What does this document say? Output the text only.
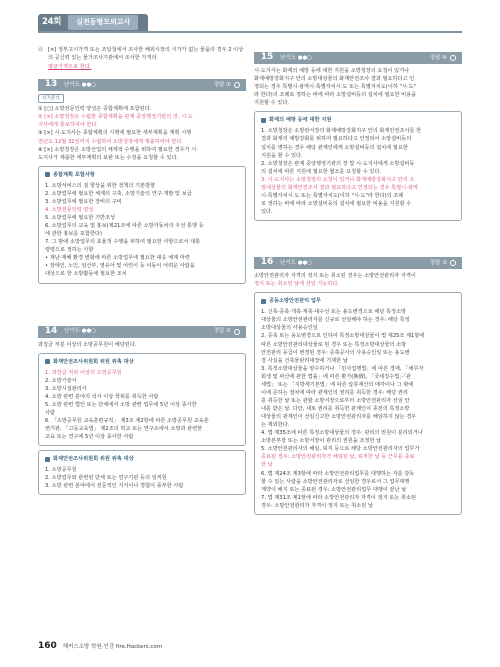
24회	실전동형모의고사
ⓓ [×] 정부고시가격 또는 조달청에서 조사한 해외시장의 시가가 없는 물품의 경우 2 이상의 공신력 있는 물가조사기관에서 조사한 가격의
평균가격으로 한다.
13	난이도 ●●○	정답 ①
선지분석
① [○] 소방전문인력 양성은 종합계획에 포함된다.
② [×] 소방청장은 수립한 종합계획을 관계 중앙행정기관의 장, 시·도
지사에게 통보하여야 한다.
③ [×] 시·도지사는 종합계획의 시행에 필요한 세부계획을 계획 시행
전년도 12월 31일까지 수립하여 소방청장에게 제출하여야 한다.
④ [×] 소방청장은 소방산업의 체계적 수행을 위하여 필요한 경우가 시·
도지사가 제출한 세부계획의 보완 또는 수정을 요청할 수 있다.
종합계획 포함사항
1. 소방서비스의 질 향상을 위한 정책의 기본방향
2. 소방업무에 필요한 체계의 구축, 소방기술의 연구·개발 및 보급
3. 소방업무에 필요한 장비의 구비
4. 소방전문인력 양성
5. 소방업무에 필요한 기반조성
6. 소방업무의 교육 및 홍보(제21조에 따른 소방자동차의 우선 통행 등
에 관한 홍보를 포함한다)
7. 그 밖에 소방업무의 효율적 수행을 위하여 필요한 사항으로서 대통
령령으로 정하는 사항
• 재난·재해 환경 변화에 따른 소방업무에 필요한 대응 체계 마련
• 장애인, 노인, 임산부, 영유아 및 어린이 등 이동이 어려운 사람을
대상으로 한 소방활동에 필요한 조치
14	난이도 ●●○	정답 ①
과징금 처분 이상의 소방공무원이 해당된다.
화재안전조사위원회 위원 위촉 대상
1. 과장급 직위 이상의 소방공무원
2. 소방기술사
3. 소방시설관리사
4. 소방 관련 분야의 석사 이상 학위를 취득한 사람
5. 소방 관련 법인 또는 단체에서 소방 관련 업무에 5년 이상 종사한
사람
6. 「소방공무원 교육훈련규칙」 제3조 제2항에 따른 소방공무원 교육훈
련기관, 「고등교육법」 제2조의 학교 또는 연구소에서 소방과 관련한
교육 또는 연구에 5년 이상 종사한 사람
화재안전조사위원회 위원 위촉 대상
1. 소방공무원
2. 소방업무와 관련된 단체 또는 연구기관 등의 임직원
3. 소방 관련 분야에서 전문적인 지식이나 경험이 풍부한 사람
15	난이도 ●●○	정답 ④
시·도지사는 화재의 예방 등에 대한 지원을 소방청장의 요청이 있거나
화재예방강화지구 안의 소방대상물의 화재안전조사 결과 필요하다고 인
정되는 경우 특별시·광역시·특별자치시·도 또는 특별자치도(이하 "시·도"
라 한다)의 조례로 정하는 바에 따라 소방설비등의 설치에 필요한 비용을
지원할 수 있다.
화재의 예방 등에 대한 지원
1. 소방청장은 소방관서장의 화재예방강화지구 안의 화재안전조사를 한
결과 화재의 예방강화를 위하여 필요하다고 인정되어 소방설비등의
설치를 명하는 경우 해당 관계인에게 소방설비등의 설치에 필요한
지원을 할 수 있다.
2. 소방청장은 관계 중앙행정기관의 장 및 시·도지사에게 소방설비등
의 설치에 따른 지원에 필요한 협조를 요청할 수 있다.
3. 시·도지사는 소방청장의 요청이 있거나 화재예방강화지구 안의 소
방대상물의 화재안전조사 결과 필요하다고 인정되는 경우 특별시·광역
시·특별자치시·도 또는 특별자치도(이하 "시·도"라 한다)의 조례
로 정하는 바에 따라 소방설비등의 설치에 필요한 비용을 지원할 수
있다.
16	난이도 ●●○	정답 ③
소방안전관리자 자격의 정지 또는 취소된 경우는 소방안전관리자 자격이
정지 또는 취소된 날에 선임 가능하다.
공동소방안전관리 업무
1. 신축·증축·개축·재축·대수선 또는 용도변경으로 해당 특정소방
대상물의 소방안전관리자를 신규로 선임해야 하는 경우: 해당 특정
소방대상물의 사용승인일
2. 증축 또는 용도변경으로 인하여 특정소방대상물이 법 제25조 제1항에
따른 소방안전관리대상물로 된 경우 또는 특정소방대상물의 소방
안전관리 등급이 변경된 경우: 증축공사의 사용승인일 또는 용도변
경 사실을 건축물관리대장에 기재한 날
3. 특정소방대상물을 양수하거나 「민사집행법」에 따른 경매, 「채무자
회생 및 파산에 관한 법률」에 따른 환가(換價), 「국세징수법」·「관
세법」 또는 「지방세기본법」에 따른 압류재산의 매각이나 그 밖에
이에 준하는 절차에 따라 관계인의 권리를 취득한 경우: 해당 권리
를 취득한 날 또는 관할 소방서장으로부터 소방안전관리자 선임 안
내를 받은 날. 다만, 새로 권리를 취득한 관계인이 종전의 특정소방
대상물의 관계인이 선임신고한 소방안전관리자를 해임하지 않는 경우
는 제외한다.
4. 법 제35조에 따른 특정소방대상물의 경우: 관리의 권원이 분리되거나
소방본부장 또는 소방서장이 관리의 권원을 조정한 날
5. 소방안전관리자의 해임, 퇴직 등으로 해당 소방안전관리자의 업무가
종료된 경우: 소방안전관리자가 해임된 날, 퇴직한 날 등 근무를 종료
한 날
6. 법 제24조 제3항에 따라 소방안전관리업무를 대행하는 자를 감독
할 수 있는 사람을 소방안전관리자로 선임한 경우로서 그 업무대행
계약이 해지 또는 종료된 경우: 소방안전관리업무 대행이 끝난 날
7. 법 제31조 제1항에 따라 소방안전관리자 자격이 정지 또는 취소된
경우: 소방안전관리자 자격이 정지 또는 취소된 날
160 해커스소방 학원·인강 fire.Hackers.com
